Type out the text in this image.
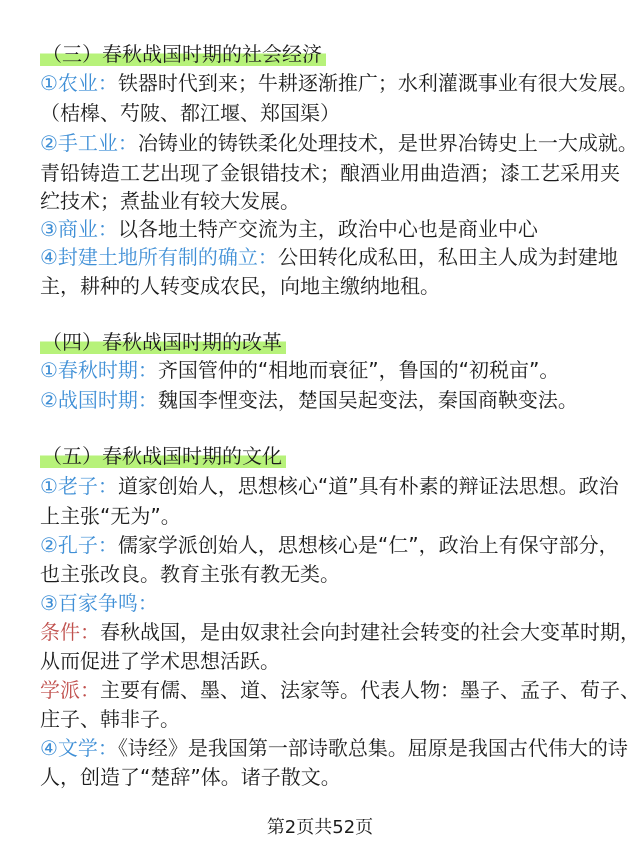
（三）春秋战国时期的社会经济
①农业：铁器时代到来；牛耕逐渐推广；水利灌溉事业有很大发展。
（桔槔、芍陂、都江堰、郑国渠）
②手工业：冶铸业的铸铁柔化处理技术，是世界冶铸史上一大成就。
青铅铸造工艺出现了金银错技术；酿酒业用曲造酒；漆工艺采用夹
纻技术；煮盐业有较大发展。
③商业：以各地土特产交流为主，政治中心也是商业中心
④封建土地所有制的确立：公田转化成私田，私田主人成为封建地
主，耕种的人转变成农民，向地主缴纳地租。
（四）春秋战国时期的改革
①春秋时期：齐国管仲的“相地而衰征”，鲁国的“初税亩”。
②战国时期：魏国李悝变法，楚国吴起变法，秦国商鞅变法。
（五）春秋战国时期的文化
①老子：道家创始人，思想核心“道”具有朴素的辩证法思想。政治
上主张“无为”。
②孔子：儒家学派创始人，思想核心是“仁”，政治上有保守部分，
也主张改良。教育主张有教无类。
③百家争鸣：
条件：春秋战国，是由奴隶社会向封建社会转变的社会大变革时期，
从而促进了学术思想活跃。
学派：主要有儒、墨、道、法家等。代表人物：墨子、孟子、荀子、
庄子、韩非子。
④文学：《诗经》是我国第一部诗歌总集。屈原是我国古代伟大的诗
人，创造了“楚辞”体。诸子散文。
第2页共52页
